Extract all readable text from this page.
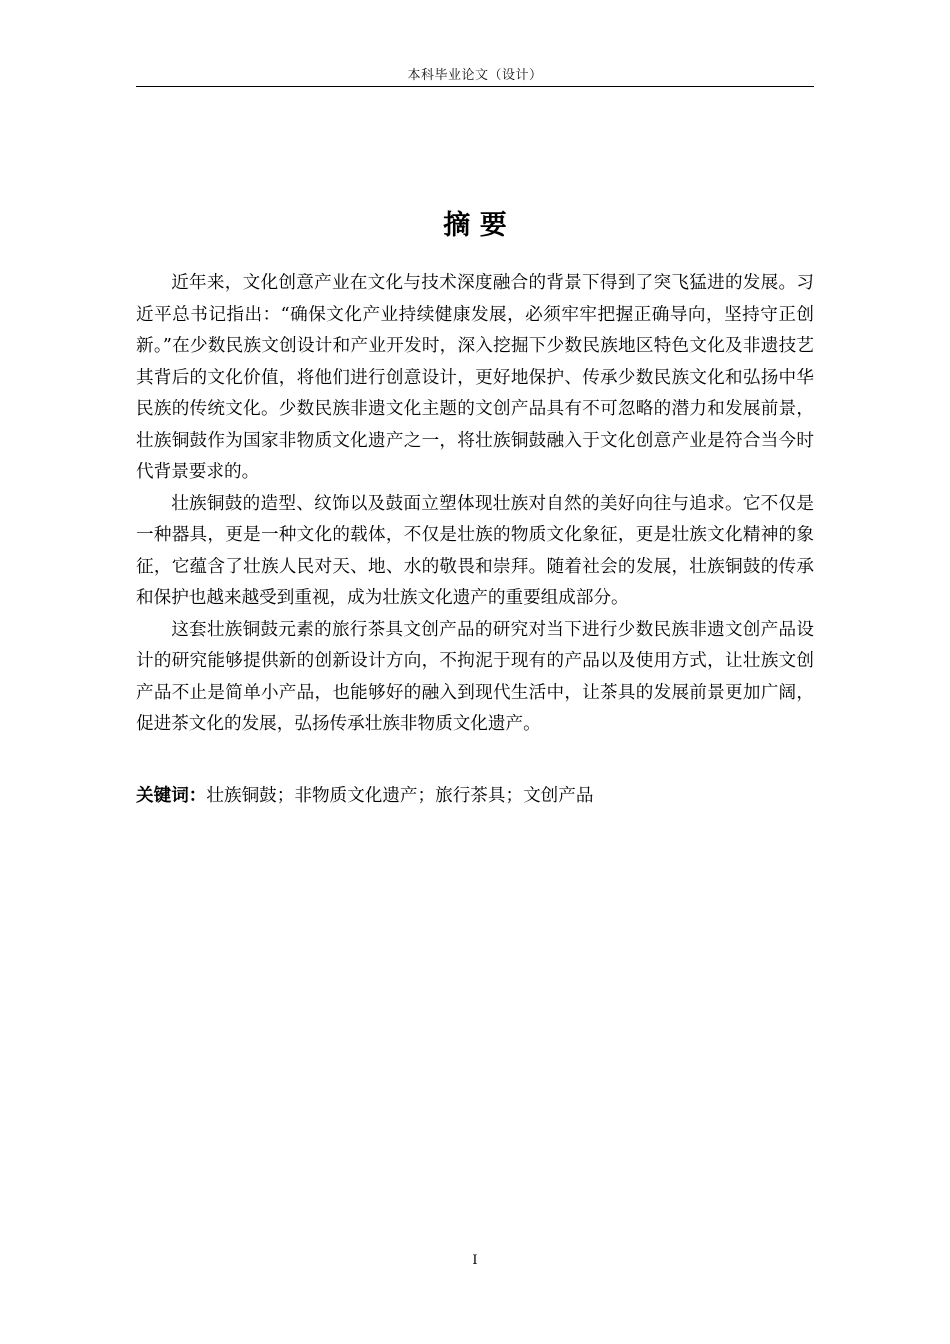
本科毕业论文（设计）
摘 要

近年来，文化创意产业在文化与技术深度融合的背景下得到了突飞猛进的发展。习近平总书记指出：“确保文化产业持续健康发展，必须牢牢把握正确导向，坚持守正创新。”在少数民族文创设计和产业开发时，深入挖掘下少数民族地区特色文化及非遗技艺其背后的文化价值，将他们进行创意设计，更好地保护、传承少数民族文化和弘扬中华民族的传统文化。少数民族非遗文化主题的文创产品具有不可忽略的潜力和发展前景，壮族铜鼓作为国家非物质文化遗产之一，将壮族铜鼓融入于文化创意产业是符合当今时代背景要求的。

壮族铜鼓的造型、纹饰以及鼓面立塑体现壮族对自然的美好向往与追求。它不仅是一种器具，更是一种文化的载体，不仅是壮族的物质文化象征，更是壮族文化精神的象征，它蕴含了壮族人民对天、地、水的敬畏和崇拜。随着社会的发展，壮族铜鼓的传承和保护也越来越受到重视，成为壮族文化遗产的重要组成部分。

这套壮族铜鼓元素的旅行茶具文创产品的研究对当下进行少数民族非遗文创产品设计的研究能够提供新的创新设计方向，不拘泥于现有的产品以及使用方式，让壮族文创产品不止是简单小产品，也能够好的融入到现代生活中，让茶具的发展前景更加广阔，促进茶文化的发展，弘扬传承壮族非物质文化遗产。

关键词：壮族铜鼓；非物质文化遗产；旅行茶具；文创产品
I
